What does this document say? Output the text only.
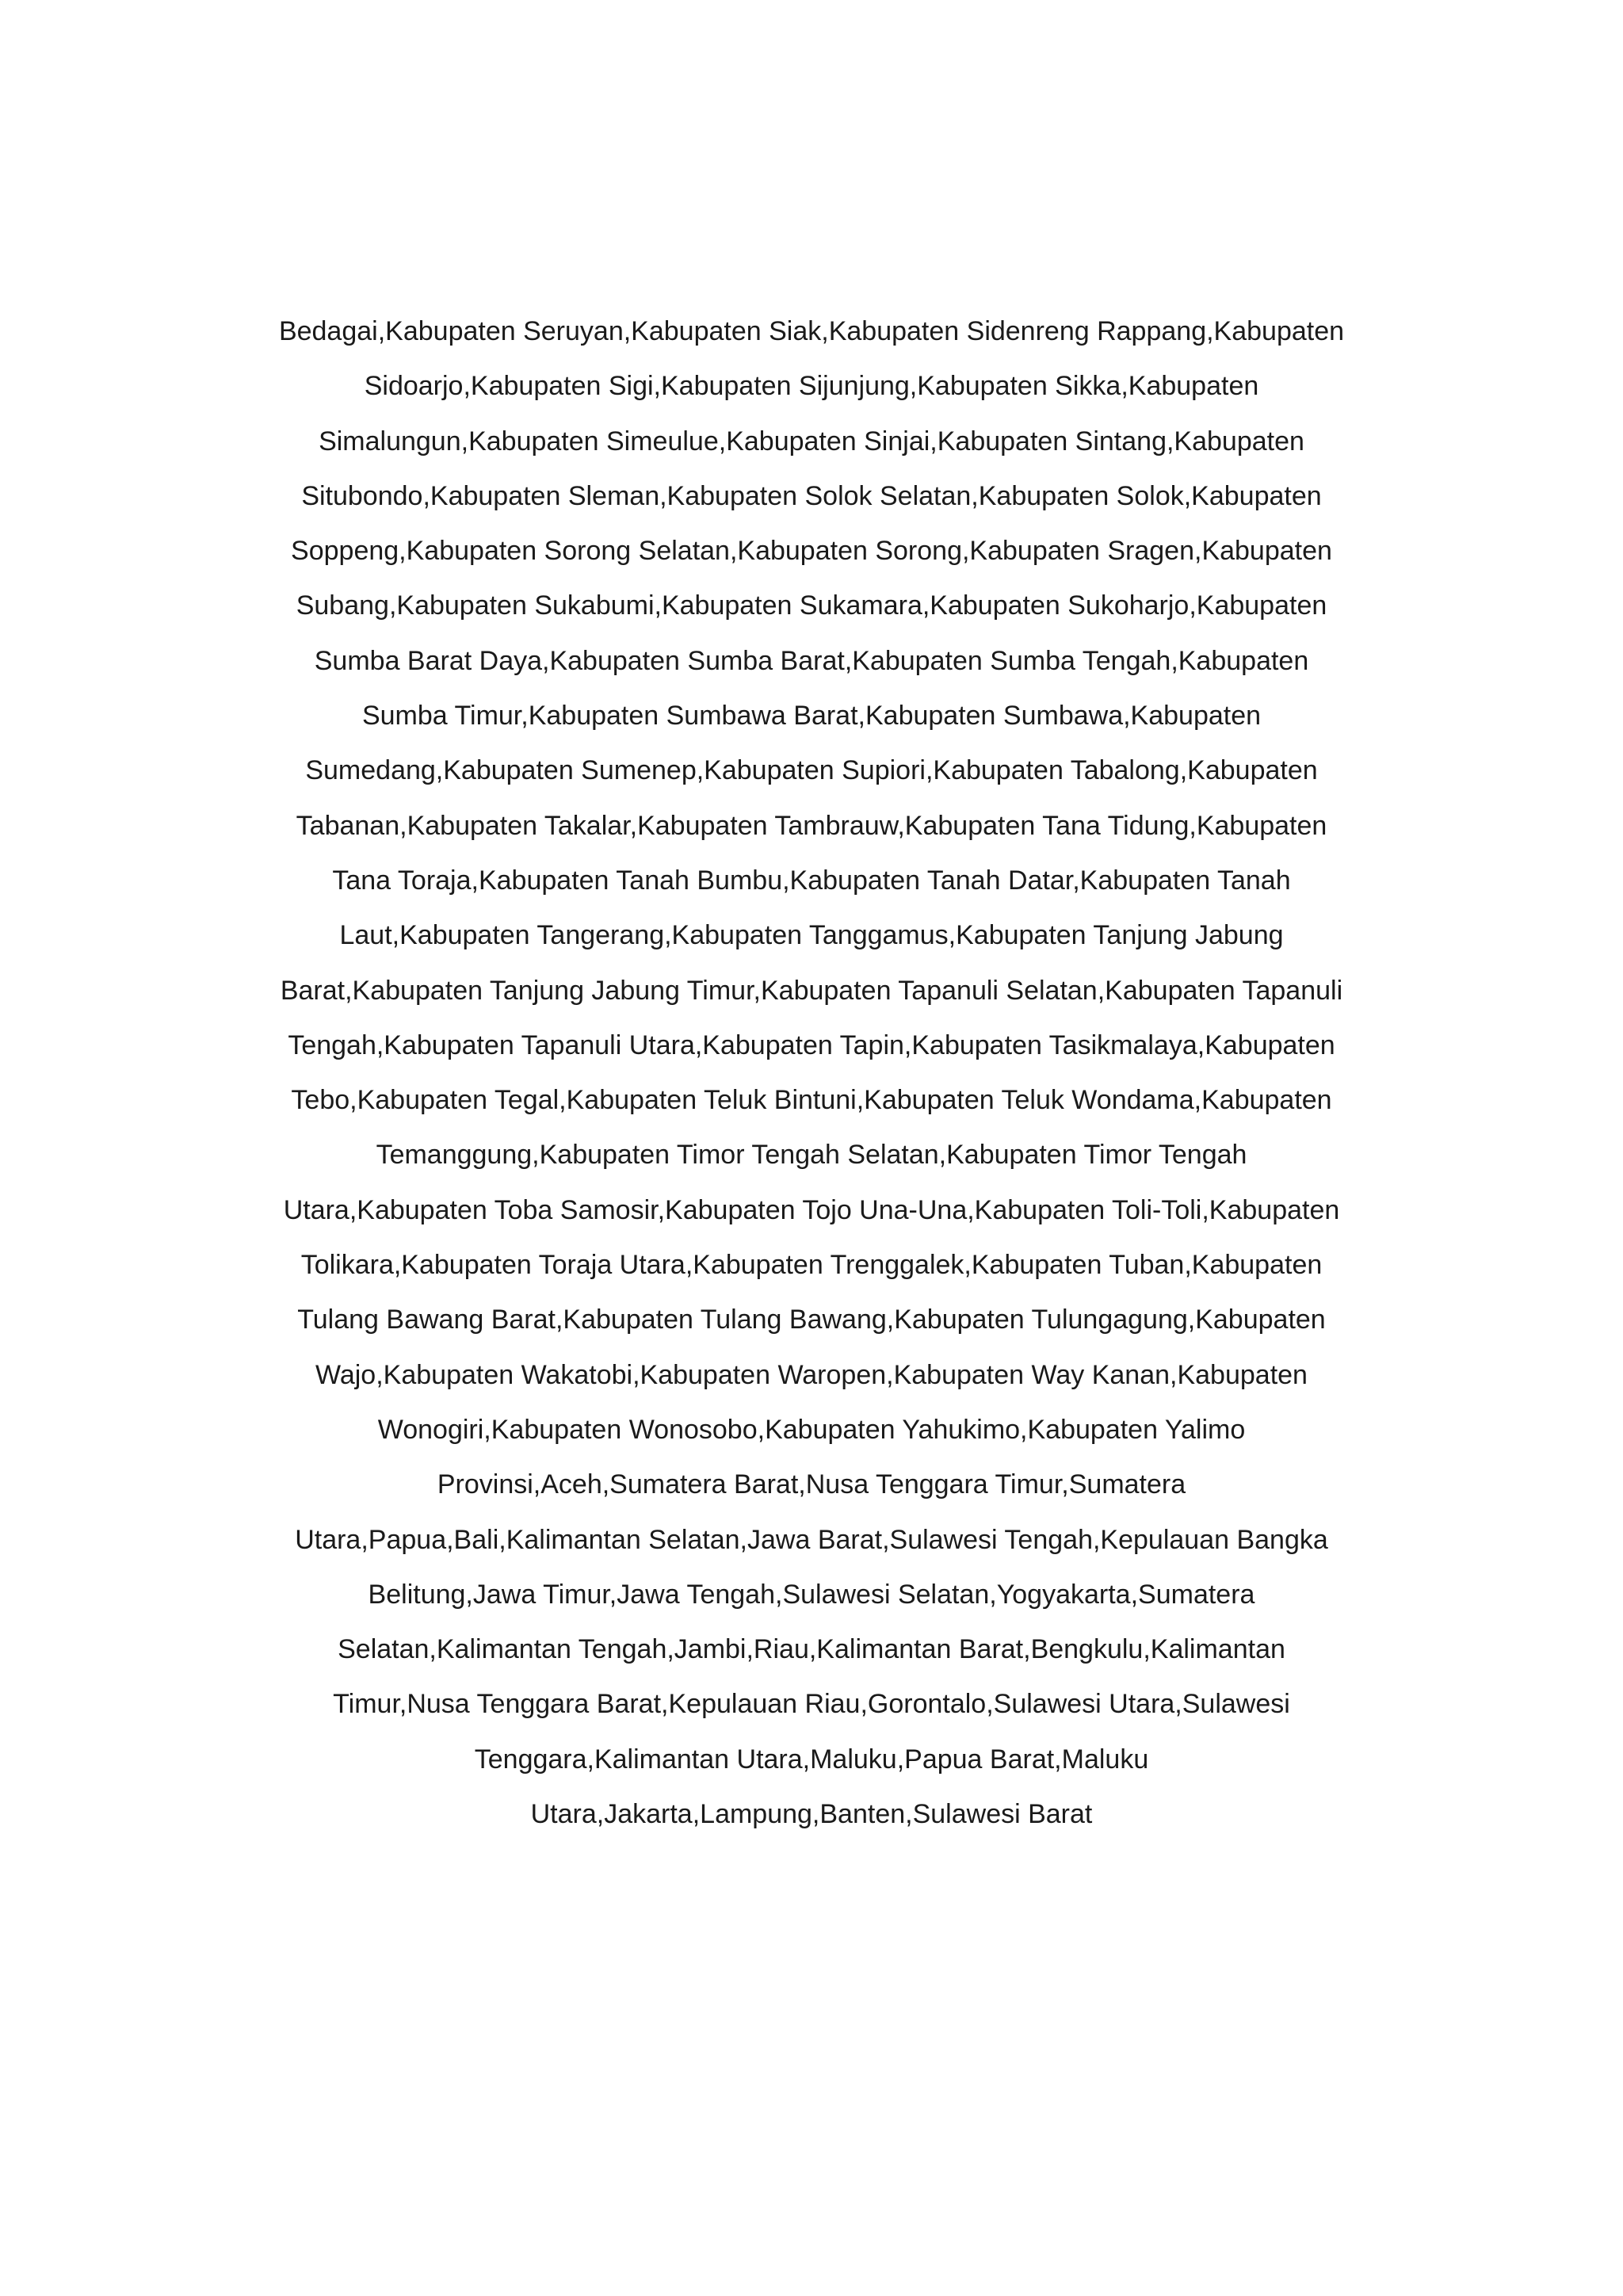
Bedagai,Kabupaten Seruyan,Kabupaten Siak,Kabupaten Sidenreng Rappang,Kabupaten
Sidoarjo,Kabupaten Sigi,Kabupaten Sijunjung,Kabupaten Sikka,Kabupaten
Simalungun,Kabupaten Simeulue,Kabupaten Sinjai,Kabupaten Sintang,Kabupaten
Situbondo,Kabupaten Sleman,Kabupaten Solok Selatan,Kabupaten Solok,Kabupaten
Soppeng,Kabupaten Sorong Selatan,Kabupaten Sorong,Kabupaten Sragen,Kabupaten
Subang,Kabupaten Sukabumi,Kabupaten Sukamara,Kabupaten Sukoharjo,Kabupaten
Sumba Barat Daya,Kabupaten Sumba Barat,Kabupaten Sumba Tengah,Kabupaten
Sumba Timur,Kabupaten Sumbawa Barat,Kabupaten Sumbawa,Kabupaten
Sumedang,Kabupaten Sumenep,Kabupaten Supiori,Kabupaten Tabalong,Kabupaten
Tabanan,Kabupaten Takalar,Kabupaten Tambrauw,Kabupaten Tana Tidung,Kabupaten
Tana Toraja,Kabupaten Tanah Bumbu,Kabupaten Tanah Datar,Kabupaten Tanah
Laut,Kabupaten Tangerang,Kabupaten Tanggamus,Kabupaten Tanjung Jabung
Barat,Kabupaten Tanjung Jabung Timur,Kabupaten Tapanuli Selatan,Kabupaten Tapanuli
Tengah,Kabupaten Tapanuli Utara,Kabupaten Tapin,Kabupaten Tasikmalaya,Kabupaten
Tebo,Kabupaten Tegal,Kabupaten Teluk Bintuni,Kabupaten Teluk Wondama,Kabupaten
Temanggung,Kabupaten Timor Tengah Selatan,Kabupaten Timor Tengah
Utara,Kabupaten Toba Samosir,Kabupaten Tojo Una-Una,Kabupaten Toli-Toli,Kabupaten
Tolikara,Kabupaten Toraja Utara,Kabupaten Trenggalek,Kabupaten Tuban,Kabupaten
Tulang Bawang Barat,Kabupaten Tulang Bawang,Kabupaten Tulungagung,Kabupaten
Wajo,Kabupaten Wakatobi,Kabupaten Waropen,Kabupaten Way Kanan,Kabupaten
Wonogiri,Kabupaten Wonosobo,Kabupaten Yahukimo,Kabupaten Yalimo
Provinsi,Aceh,Sumatera Barat,Nusa Tenggara Timur,Sumatera
Utara,Papua,Bali,Kalimantan Selatan,Jawa Barat,Sulawesi Tengah,Kepulauan Bangka
Belitung,Jawa Timur,Jawa Tengah,Sulawesi Selatan,Yogyakarta,Sumatera
Selatan,Kalimantan Tengah,Jambi,Riau,Kalimantan Barat,Bengkulu,Kalimantan
Timur,Nusa Tenggara Barat,Kepulauan Riau,Gorontalo,Sulawesi Utara,Sulawesi
Tenggara,Kalimantan Utara,Maluku,Papua Barat,Maluku
Utara,Jakarta,Lampung,Banten,Sulawesi Barat
